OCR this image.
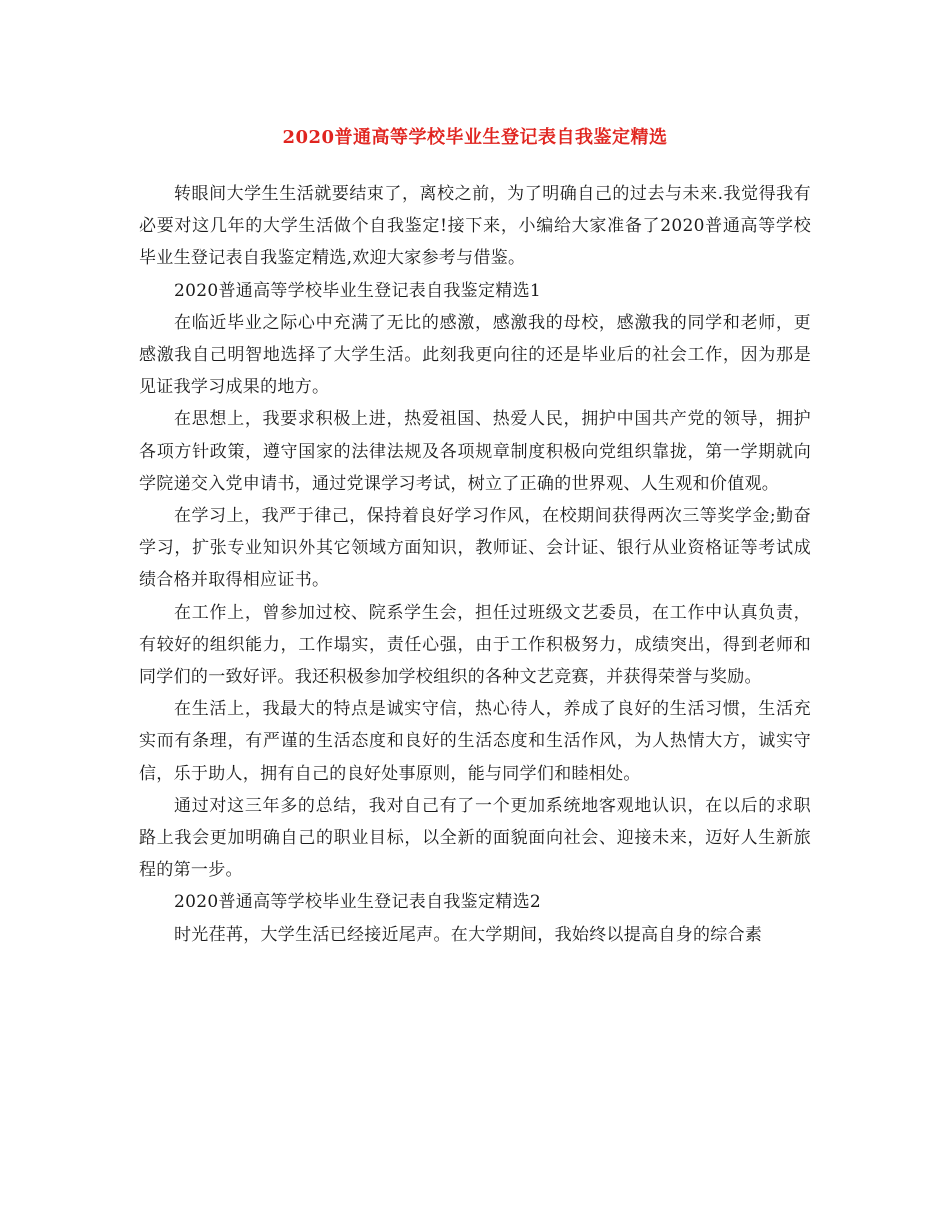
2020普通高等学校毕业生登记表自我鉴定精选

转眼间大学生生活就要结束了，离校之前，为了明确自己的过去与未来.我觉得我有必要对这几年的大学生活做个自我鉴定!接下来，小编给大家准备了2020普通高等学校毕业生登记表自我鉴定精选,欢迎大家参考与借鉴。

2020普通高等学校毕业生登记表自我鉴定精选1

在临近毕业之际心中充满了无比的感激，感激我的母校，感激我的同学和老师，更感激我自己明智地选择了大学生活。此刻我更向往的还是毕业后的社会工作，因为那是见证我学习成果的地方。

在思想上，我要求积极上进，热爱祖国、热爱人民，拥护中国共产党的领导，拥护各项方针政策，遵守国家的法律法规及各项规章制度积极向党组织靠拢，第一学期就向学院递交入党申请书，通过党课学习考试，树立了正确的世界观、人生观和价值观。

在学习上，我严于律己，保持着良好学习作风，在校期间获得两次三等奖学金;勤奋学习，扩张专业知识外其它领域方面知识，教师证、会计证、银行从业资格证等考试成绩合格并取得相应证书。

在工作上，曾参加过校、院系学生会，担任过班级文艺委员，在工作中认真负责，有较好的组织能力，工作塌实，责任心强，由于工作积极努力，成绩突出，得到老师和同学们的一致好评。我还积极参加学校组织的各种文艺竞赛，并获得荣誉与奖励。

在生活上，我最大的特点是诚实守信，热心待人，养成了良好的生活习惯，生活充实而有条理，有严谨的生活态度和良好的生活态度和生活作风，为人热情大方，诚实守信，乐于助人，拥有自己的良好处事原则，能与同学们和睦相处。

通过对这三年多的总结，我对自己有了一个更加系统地客观地认识，在以后的求职路上我会更加明确自己的职业目标，以全新的面貌面向社会、迎接未来，迈好人生新旅程的第一步。

2020普通高等学校毕业生登记表自我鉴定精选2

时光荏苒，大学生活已经接近尾声。在大学期间，我始终以提高自身的综合素
